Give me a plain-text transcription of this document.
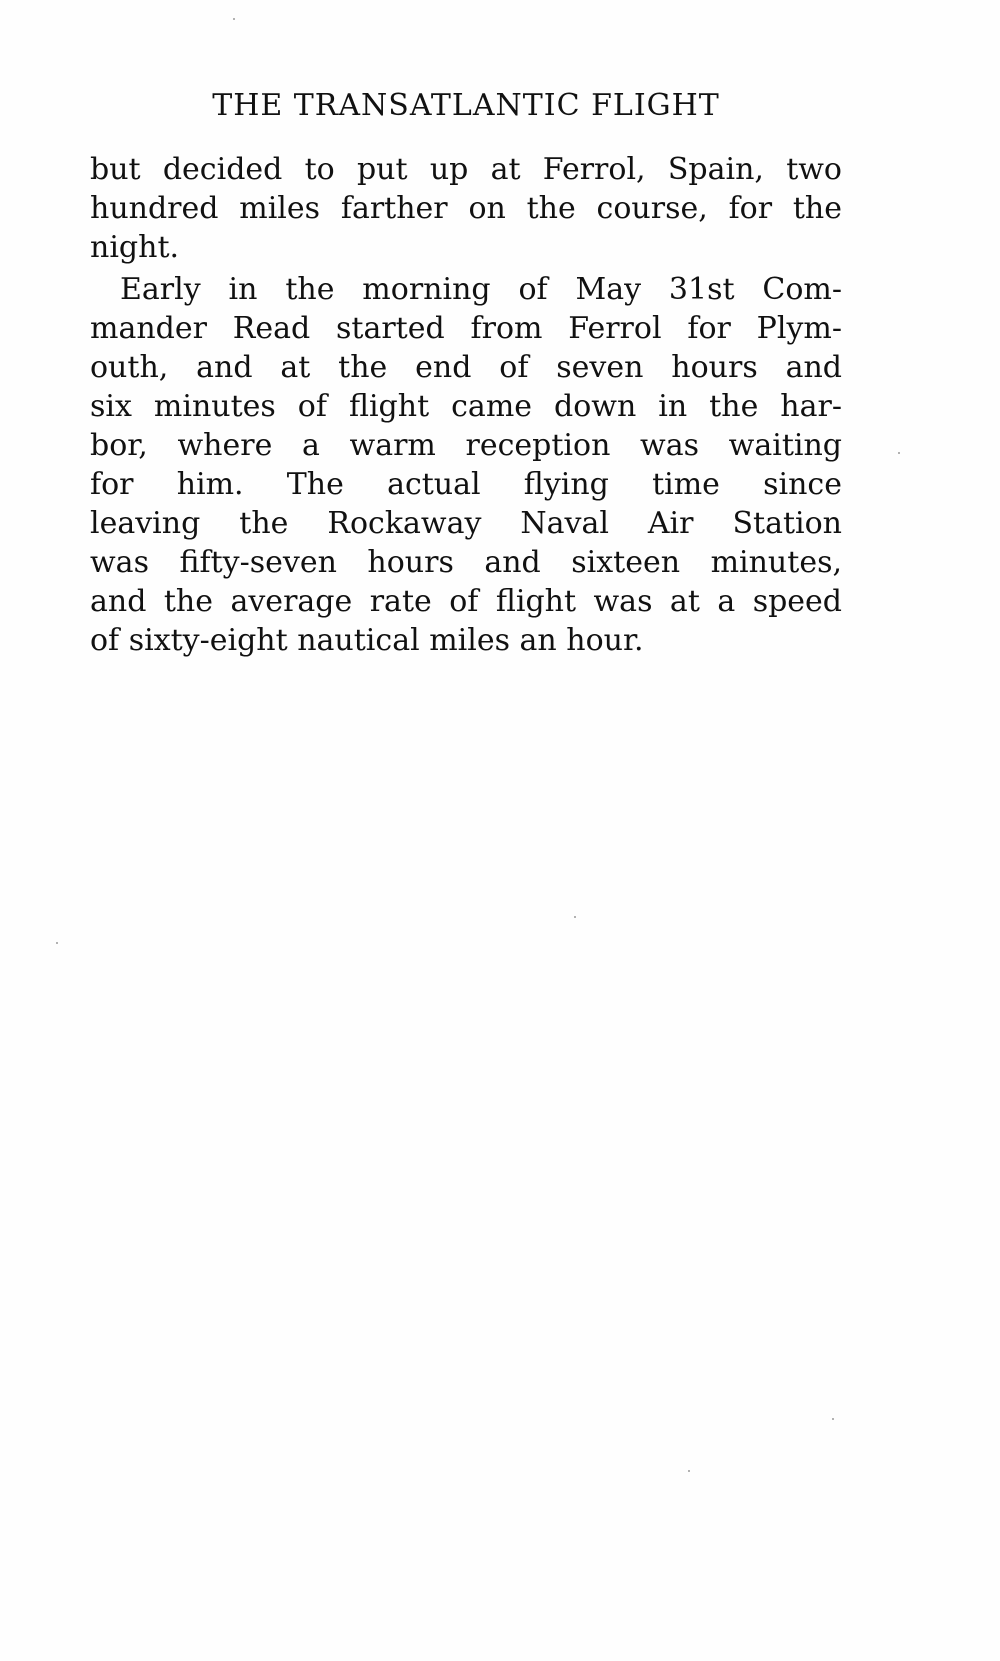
THE TRANSATLANTIC FLIGHT
but decided to put up at Ferrol, Spain, two
hundred miles farther on the course, for the
night.
Early in the morning of May 31st Com-
mander Read started from Ferrol for Plym-
outh, and at the end of seven hours and
six minutes of flight came down in the har-
bor, where a warm reception was waiting
for him. The actual flying time since
leaving the Rockaway Naval Air Station
was fifty-seven hours and sixteen minutes,
and the average rate of flight was at a speed
of sixty-eight nautical miles an hour.
